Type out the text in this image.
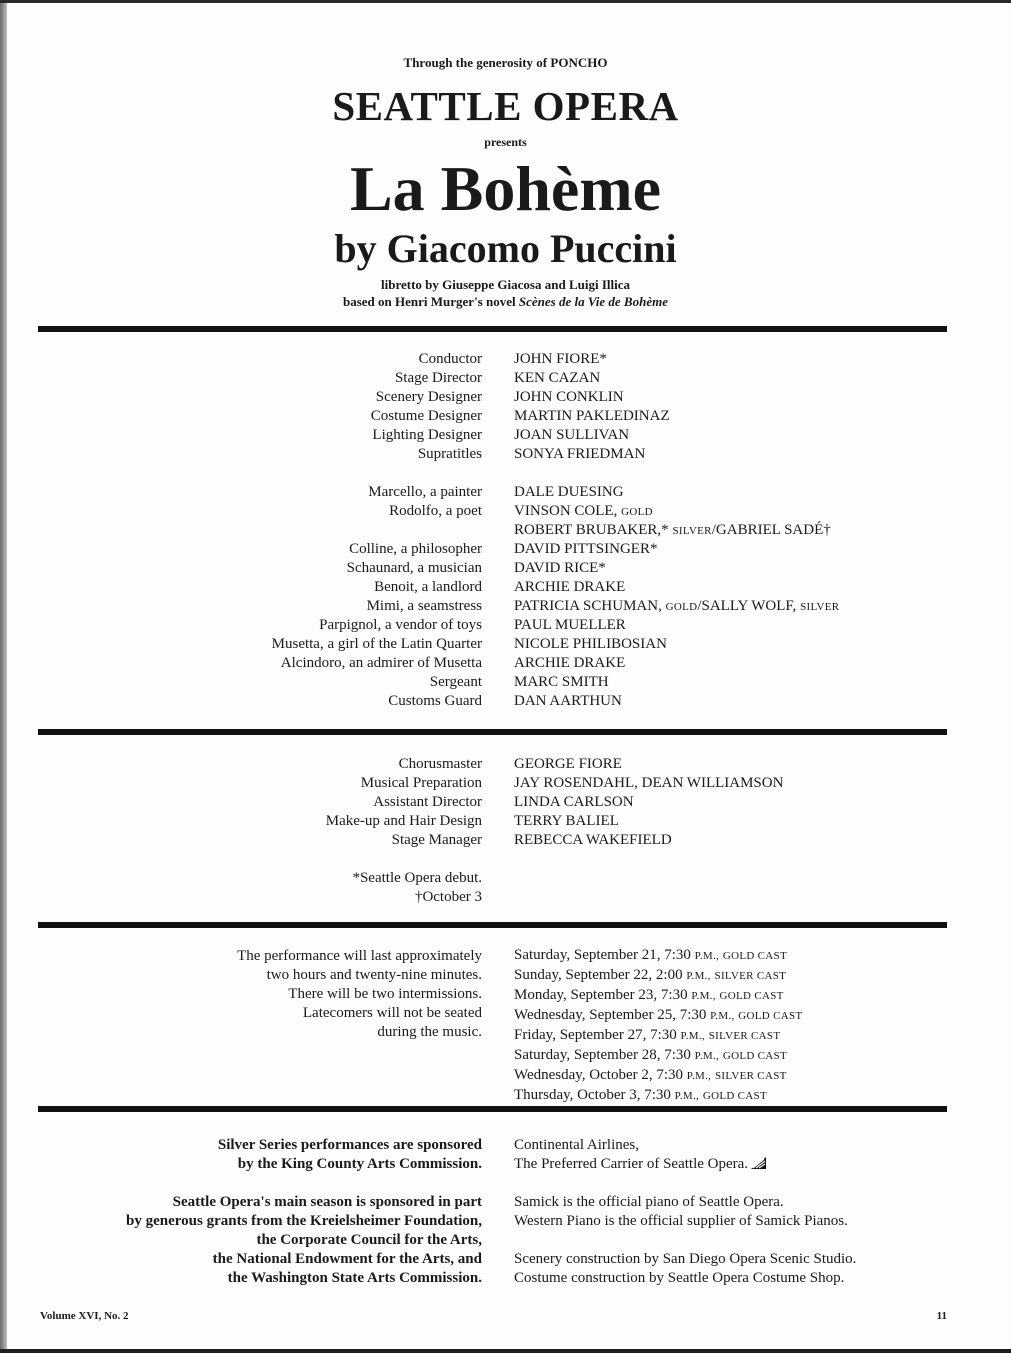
Through the generosity of PONCHO
SEATTLE OPERA
presents
La Bohème
by Giacomo Puccini
libretto by Giuseppe Giacosa and Luigi Illica
based on Henri Murger's novel Scènes de la Vie de Bohème
Conductor JOHN FIORE*
Stage Director KEN CAZAN
Scenery Designer JOHN CONKLIN
Costume Designer MARTIN PAKLEDINAZ
Lighting Designer JOAN SULLIVAN
Supratitles SONYA FRIEDMAN
Marcello, a painter DALE DUESING
Rodolfo, a poet VINSON COLE, GOLD
ROBERT BRUBAKER,* SILVER/GABRIEL SADÉ†
Colline, a philosopher DAVID PITTSINGER*
Schaunard, a musician DAVID RICE*
Benoit, a landlord ARCHIE DRAKE
Mimi, a seamstress PATRICIA SCHUMAN, GOLD/SALLY WOLF, SILVER
Parpignol, a vendor of toys PAUL MUELLER
Musetta, a girl of the Latin Quarter NICOLE PHILIBOSIAN
Alcindoro, an admirer of Musetta ARCHIE DRAKE
Sergeant MARC SMITH
Customs Guard DAN AARTHUN
Chorusmaster GEORGE FIORE
Musical Preparation JAY ROSENDAHL, DEAN WILLIAMSON
Assistant Director LINDA CARLSON
Make-up and Hair Design TERRY BALIEL
Stage Manager REBECCA WAKEFIELD
*Seattle Opera debut.
†October 3
The performance will last approximately
two hours and twenty-nine minutes.
There will be two intermissions.
Latecomers will not be seated
during the music.
Saturday, September 21, 7:30 P.M., GOLD CAST
Sunday, September 22, 2:00 P.M., SILVER CAST
Monday, September 23, 7:30 P.M., GOLD CAST
Wednesday, September 25, 7:30 P.M., GOLD CAST
Friday, September 27, 7:30 P.M., SILVER CAST
Saturday, September 28, 7:30 P.M., GOLD CAST
Wednesday, October 2, 7:30 P.M., SILVER CAST
Thursday, October 3, 7:30 P.M., GOLD CAST
Silver Series performances are sponsored
by the King County Arts Commission.
Seattle Opera's main season is sponsored in part
by generous grants from the Kreielsheimer Foundation,
the Corporate Council for the Arts,
the National Endowment for the Arts, and
the Washington State Arts Commission.
Continental Airlines,
The Preferred Carrier of Seattle Opera.
Samick is the official piano of Seattle Opera.
Western Piano is the official supplier of Samick Pianos.
Scenery construction by San Diego Opera Scenic Studio.
Costume construction by Seattle Opera Costume Shop.
Volume XVI, No. 2	11
